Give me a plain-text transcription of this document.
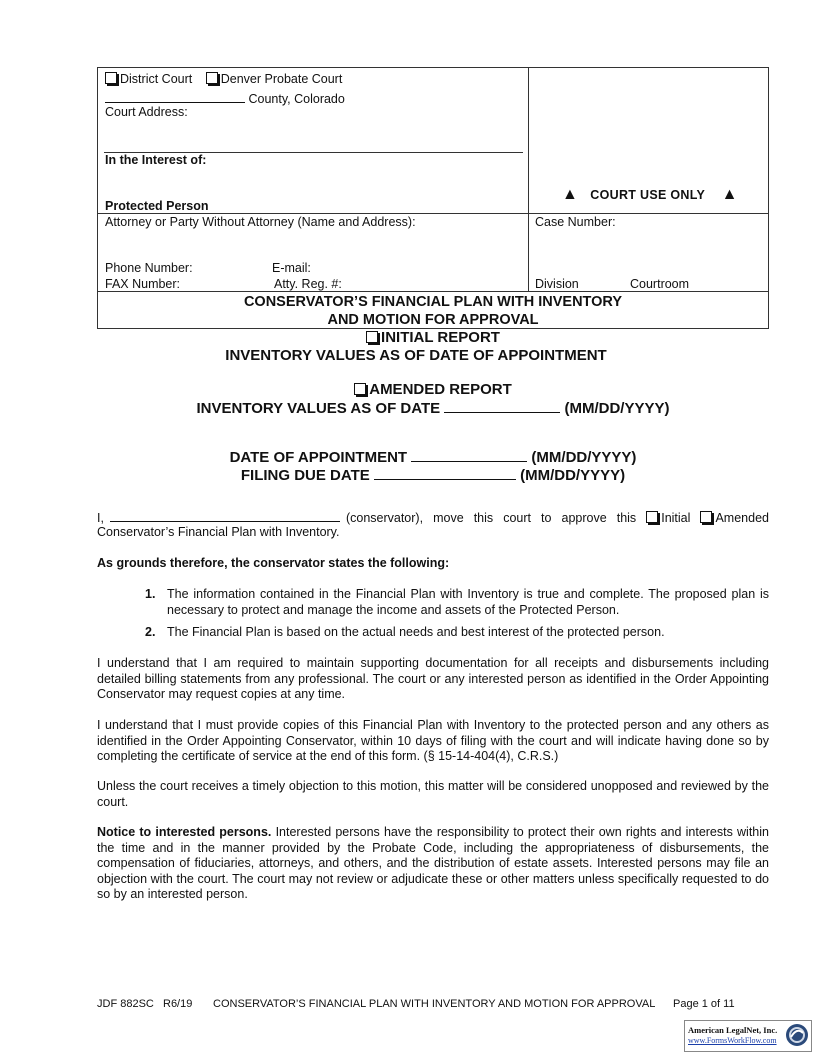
District Court Denver Probate Court
County, Colorado
Court Address:
In the Interest of:
Protected Person
▲ COURT USE ONLY ▲
Attorney or Party Without Attorney (Name and Address):
Phone Number:	E-mail:
FAX Number:	Atty. Reg. #:
Case Number:
Division	Courtroom
CONSERVATOR’S FINANCIAL PLAN WITH INVENTORY
AND MOTION FOR APPROVAL
INITIAL REPORT
INVENTORY VALUES AS OF DATE OF APPOINTMENT
AMENDED REPORT
INVENTORY VALUES AS OF DATE	(MM/DD/YYYY)
DATE OF APPOINTMENT	(MM/DD/YYYY)
FILING DUE DATE	(MM/DD/YYYY)
I,	(conservator), move this court to approve this Initial Amended
Conservator’s Financial Plan with Inventory.
As grounds therefore, the conservator states the following:
1. The information contained in the Financial Plan with Inventory is true and complete. The proposed plan is necessary to protect and manage the income and assets of the Protected Person.
2. The Financial Plan is based on the actual needs and best interest of the protected person.
I understand that I am required to maintain supporting documentation for all receipts and disbursements including detailed billing statements from any professional. The court or any interested person as identified in the Order Appointing Conservator may request copies at any time.
I understand that I must provide copies of this Financial Plan with Inventory to the protected person and any others as identified in the Order Appointing Conservator, within 10 days of filing with the court and will indicate having done so by completing the certificate of service at the end of this form. (§ 15-14-404(4), C.R.S.)
Unless the court receives a timely objection to this motion, this matter will be considered unopposed and reviewed by the court.
Notice to interested persons. Interested persons have the responsibility to protect their own rights and interests within the time and in the manner provided by the Probate Code, including the appropriateness of disbursements, the compensation of fiduciaries, attorneys, and others, and the distribution of estate assets. Interested persons may file an objection with the court. The court may not review or adjudicate these or other matters unless specifically requested to do so by an interested person.
JDF 882SC R6/19 CONSERVATOR’S FINANCIAL PLAN WITH INVENTORY AND MOTION FOR APPROVAL Page 1 of 11
American LegalNet, Inc.
www.FormsWorkFlow.com
